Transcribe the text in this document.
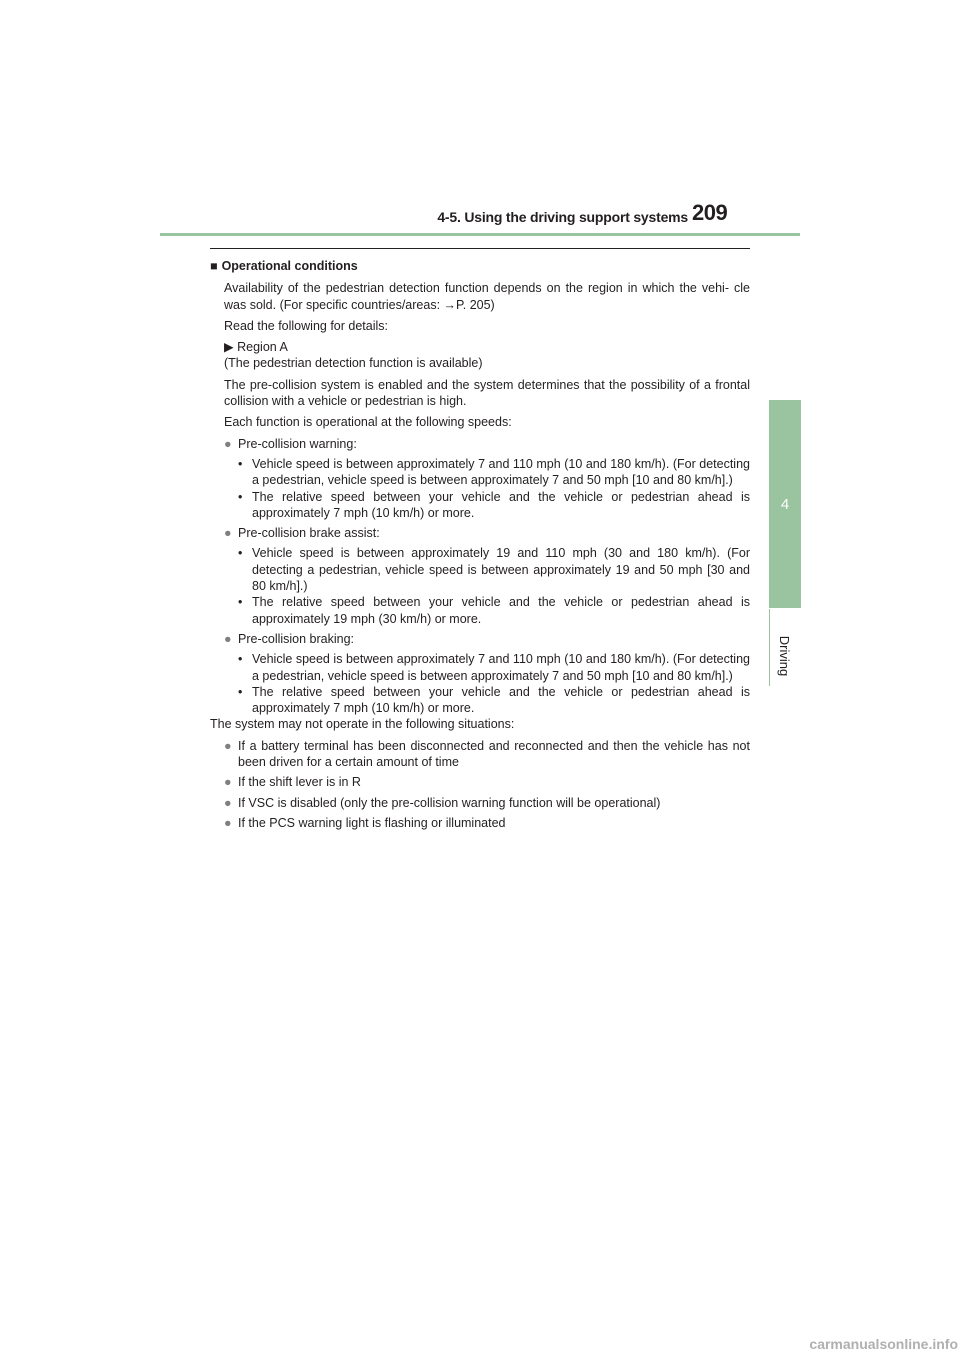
4-5. Using the driving support systems 209
4
Driving
■ Operational conditions
Availability of the pedestrian detection function depends on the region in which the vehi- cle was sold. (For specific countries/areas: →P. 205)
Read the following for details:
▶ Region A
(The pedestrian detection function is available)
The pre-collision system is enabled and the system determines that the possibility of a frontal collision with a vehicle or pedestrian is high.
Each function is operational at the following speeds:
● Pre-collision warning:
• Vehicle speed is between approximately 7 and 110 mph (10 and 180 km/h). (For detecting a pedestrian, vehicle speed is between approximately 7 and 50 mph [10 and 80 km/h].)
• The relative speed between your vehicle and the vehicle or pedestrian ahead is approximately 7 mph (10 km/h) or more.
● Pre-collision brake assist:
• Vehicle speed is between approximately 19 and 110 mph (30 and 180 km/h). (For detecting a pedestrian, vehicle speed is between approximately 19 and 50 mph [30 and 80 km/h].)
• The relative speed between your vehicle and the vehicle or pedestrian ahead is approximately 19 mph (30 km/h) or more.
● Pre-collision braking:
• Vehicle speed is between approximately 7 and 110 mph (10 and 180 km/h). (For detecting a pedestrian, vehicle speed is between approximately 7 and 50 mph [10 and 80 km/h].)
• The relative speed between your vehicle and the vehicle or pedestrian ahead is approximately 7 mph (10 km/h) or more.
The system may not operate in the following situations:
● If a battery terminal has been disconnected and reconnected and then the vehicle has not been driven for a certain amount of time
● If the shift lever is in R
● If VSC is disabled (only the pre-collision warning function will be operational)
● If the PCS warning light is flashing or illuminated
carmanualsonline.info
